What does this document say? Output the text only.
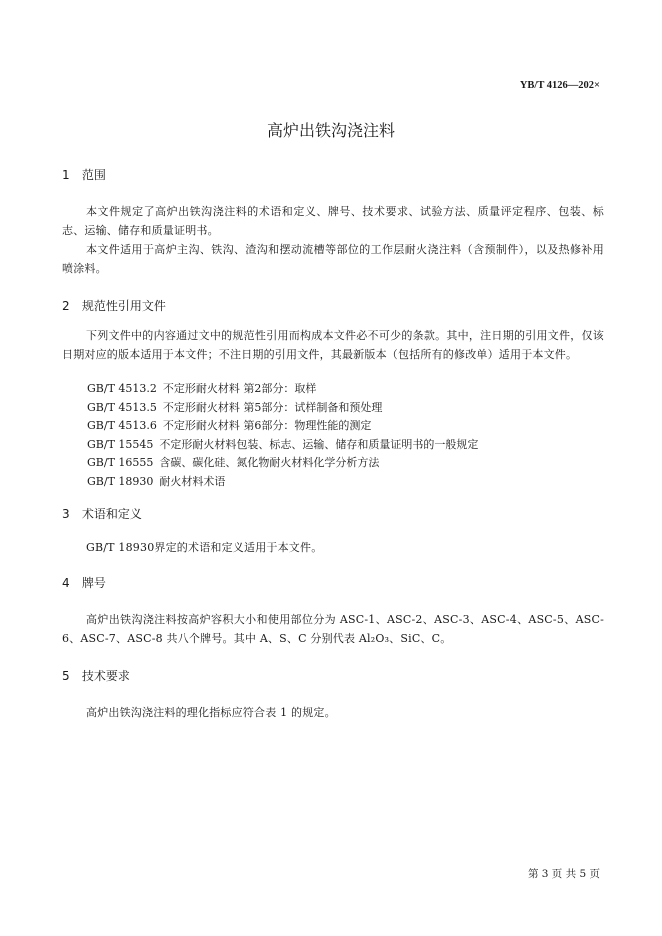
YB/T 4126—202×
高炉出铁沟浇注料
1 范围

本文件规定了高炉出铁沟浇注料的术语和定义、牌号、技术要求、试验方法、质量评定程序、包装、标志、运输、储存和质量证明书。

本文件适用于高炉主沟、铁沟、渣沟和摆动流槽等部位的工作层耐火浇注料（含预制件），以及热修补用喷涂料。

2 规范性引用文件

下列文件中的内容通过文中的规范性引用而构成本文件必不可少的条款。其中，注日期的引用文件，仅该日期对应的版本适用于本文件；不注日期的引用文件，其最新版本（包括所有的修改单）适用于本文件。

GB/T 4513.2 不定形耐火材料 第2部分：取样
GB/T 4513.5 不定形耐火材料 第5部分：试样制备和预处理
GB/T 4513.6 不定形耐火材料 第6部分：物理性能的测定
GB/T 15545 不定形耐火材料包装、标志、运输、储存和质量证明书的一般规定
GB/T 16555 含碳、碳化硅、氮化物耐火材料化学分析方法
GB/T 18930 耐火材料术语
3 术语和定义

GB/T 18930界定的术语和定义适用于本文件。

4 牌号

高炉出铁沟浇注料按高炉容积大小和使用部位分为 ASC-1、ASC-2、ASC-3、ASC-4、ASC-5、ASC-6、ASC-7、ASC-8 共八个牌号。其中 A、S、C 分别代表 Al₂O₃、SiC、C。

5 技术要求

高炉出铁沟浇注料的理化指标应符合表 1 的规定。

第 3 页 共 5 页
